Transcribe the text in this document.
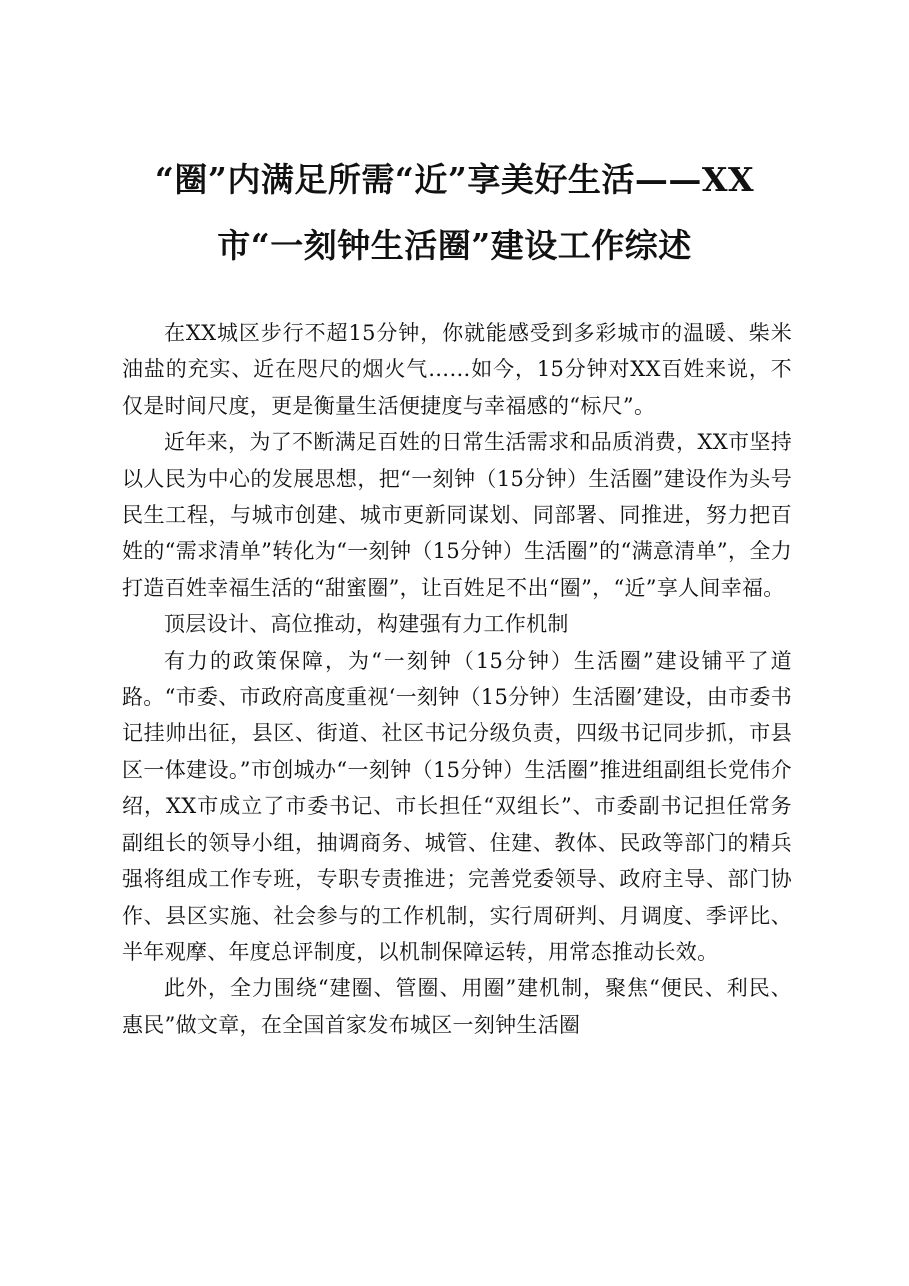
“圈”内满足所需“近”享美好生活——XX
市“一刻钟生活圈”建设工作综述

在XX城区步行不超15分钟，你就能感受到多彩城市的温暖、柴米油盐的充实、近在咫尺的烟火气……如今，15分钟对XX百姓来说，不仅是时间尺度，更是衡量生活便捷度与幸福感的“标尺”。

近年来，为了不断满足百姓的日常生活需求和品质消费，XX市坚持以人民为中心的发展思想，把“一刻钟（15分钟）生活圈”建设作为头号民生工程，与城市创建、城市更新同谋划、同部署、同推进，努力把百姓的“需求清单”转化为“一刻钟（15分钟）生活圈”的“满意清单”，全力打造百姓幸福生活的“甜蜜圈”，让百姓足不出“圈”，“近”享人间幸福。

顶层设计、高位推动，构建强有力工作机制

有力的政策保障，为“一刻钟（15分钟）生活圈”建设铺平了道路。“市委、市政府高度重视‘一刻钟（15分钟）生活圈’建设，由市委书记挂帅出征，县区、街道、社区书记分级负责，四级书记同步抓，市县区一体建设。”市创城办“一刻钟（15分钟）生活圈”推进组副组长党伟介绍，XX市成立了市委书记、市长担任“双组长”、市委副书记担任常务副组长的领导小组，抽调商务、城管、住建、教体、民政等部门的精兵强将组成工作专班，专职专责推进；完善党委领导、政府主导、部门协作、县区实施、社会参与的工作机制，实行周研判、月调度、季评比、半年观摩、年度总评制度，以机制保障运转，用常态推动长效。

此外，全力围绕“建圈、管圈、用圈”建机制，聚焦“便民、利民、惠民”做文章，在全国首家发布城区一刻钟生活圈
